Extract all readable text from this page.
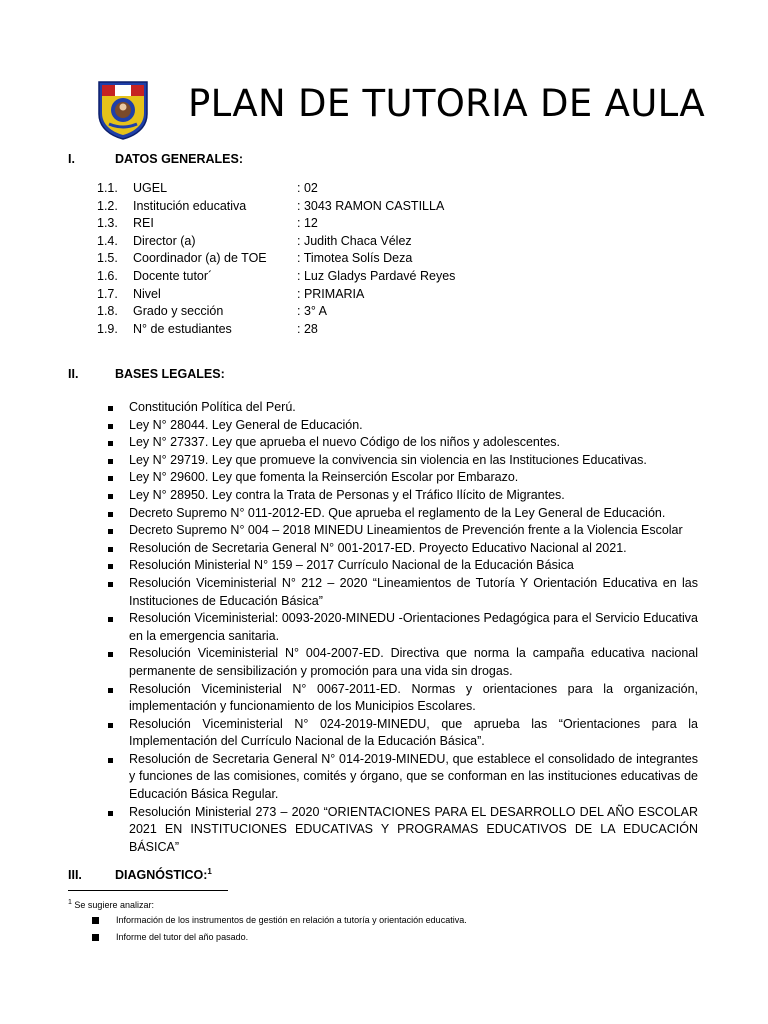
PLAN DE TUTORIA DE AULA
I.	DATOS GENERALES:
1.1. UGEL	: 02
1.2. Institución educativa	: 3043 RAMON CASTILLA
1.3. REI	: 12
1.4. Director (a)	: Judith Chaca Vélez
1.5. Coordinador (a) de TOE : Timotea Solís Deza
1.6. Docente tutor´	: Luz Gladys Pardavé Reyes
1.7. Nivel	: PRIMARIA
1.8. Grado y sección	: 3° A
1.9. N° de estudiantes	: 28
II.	BASES LEGALES:
Constitución Política del Perú.
Ley N° 28044. Ley General de Educación.
Ley N° 27337. Ley que aprueba el nuevo Código de los niños y adolescentes.
Ley N° 29719. Ley que promueve la convivencia sin violencia en las Instituciones Educativas.
Ley N° 29600. Ley que fomenta la Reinserción Escolar por Embarazo.
Ley N° 28950. Ley contra la Trata de Personas y el Tráfico Ilícito de Migrantes.
Decreto Supremo N° 011-2012-ED. Que aprueba el reglamento de la Ley General de Educación.
Decreto Supremo N° 004 – 2018 MINEDU Lineamientos de Prevención frente a la Violencia Escolar
Resolución de Secretaria General N° 001-2017-ED. Proyecto Educativo Nacional al 2021.
Resolución Ministerial N° 159 – 2017 Currículo Nacional de la Educación Básica
Resolución Viceministerial N° 212 – 2020 “Lineamientos de Tutoría Y Orientación Educativa en las Instituciones de Educación Básica”
Resolución Viceministerial: 0093-2020-MINEDU -Orientaciones Pedagógica para el Servicio Educativa en la emergencia sanitaria.
Resolución Viceministerial N° 004-2007-ED. Directiva que norma la campaña educativa nacional permanente de sensibilización y promoción para una vida sin drogas.
Resolución Viceministerial N° 0067-2011-ED. Normas y orientaciones para la organización, implementación y funcionamiento de los Municipios Escolares.
Resolución Viceministerial N° 024-2019-MINEDU, que aprueba las “Orientaciones para la Implementación del Currículo Nacional de la Educación Básica”.
Resolución de Secretaria General N° 014-2019-MINEDU, que establece el consolidado de integrantes y funciones de las comisiones, comités y órgano, que se conforman en las instituciones educativas de Educación Básica Regular.
Resolución Ministerial 273 – 2020 “ORIENTACIONES PARA EL DESARROLLO DEL AÑO ESCOLAR 2021 EN INSTITUCIONES EDUCATIVAS Y PROGRAMAS EDUCATIVOS DE LA EDUCACIÓN BÁSICA”
III.	DIAGNÓSTICO:$^1$
$^1$ Se sugiere analizar:
Información de los instrumentos de gestión en relación a tutoría y orientación educativa.
Informe del tutor del año pasado.
